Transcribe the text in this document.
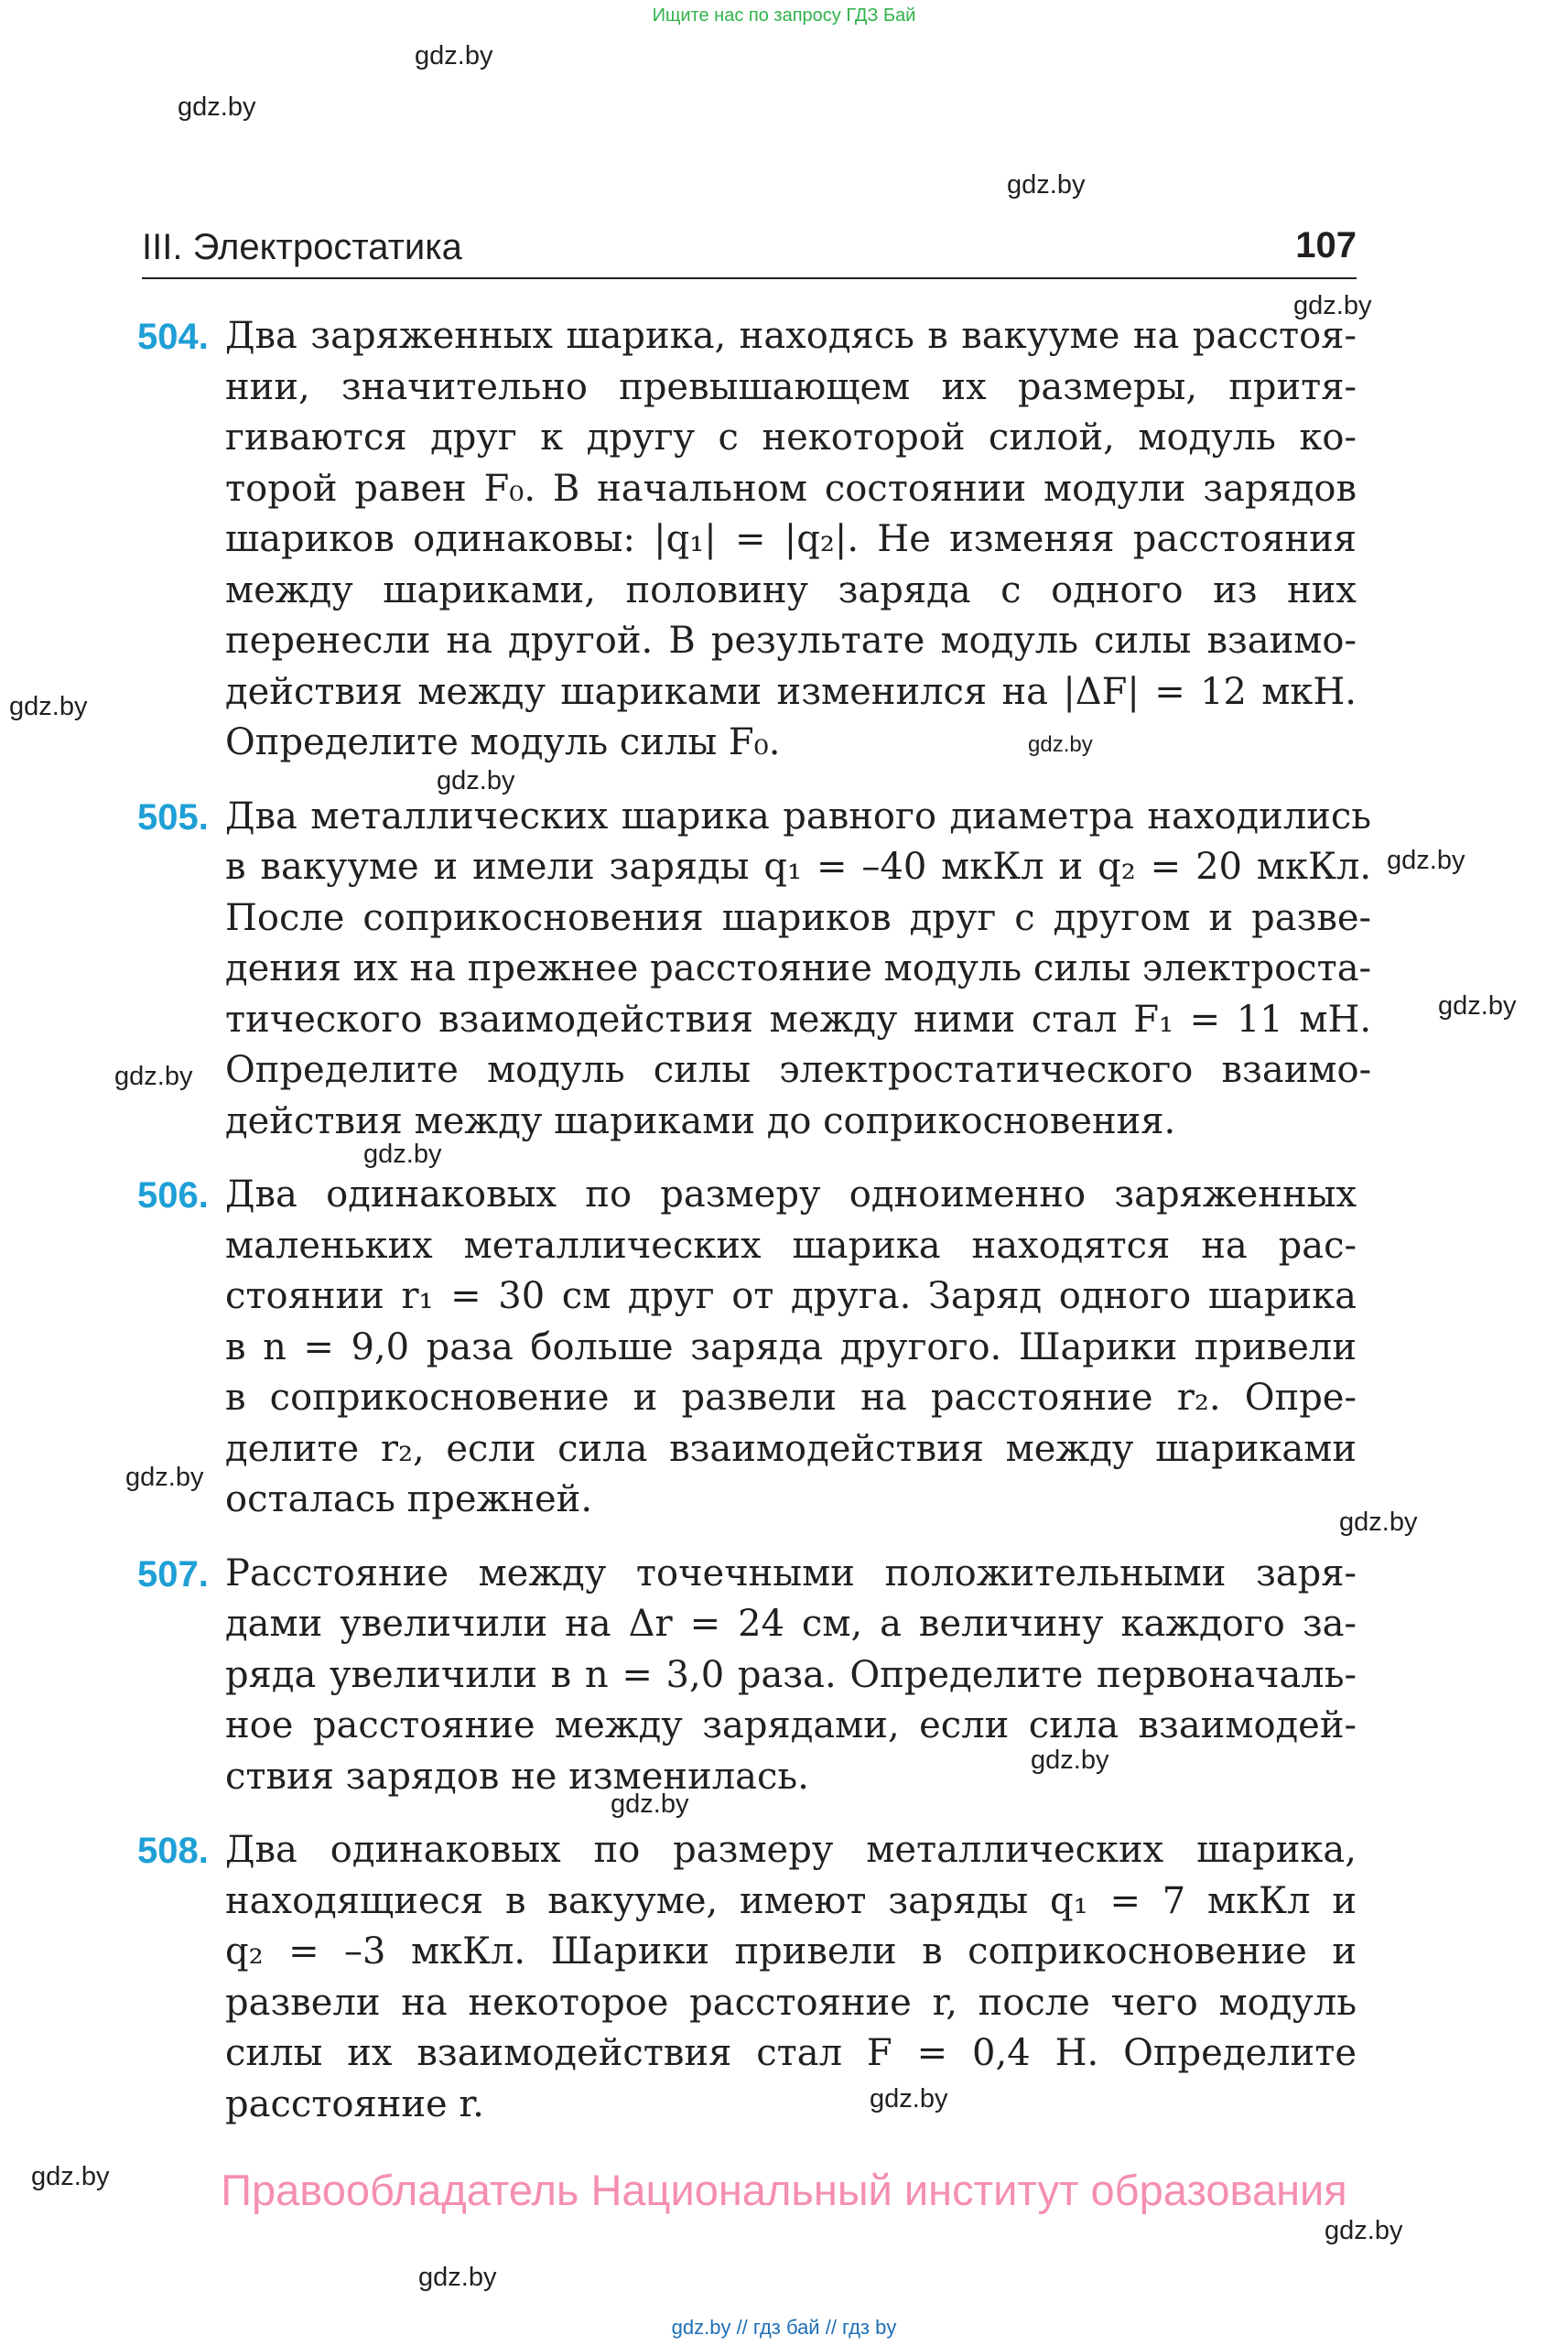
Ищите нас по запросу ГДЗ Бай
gdz.by
gdz.by
gdz.by
gdz.by
gdz.by
gdz.by
gdz.by
gdz.by
gdz.by
gdz.by
gdz.by
gdz.by
gdz.by
gdz.by
gdz.by
gdz.by
gdz.by
gdz.by
gdz.by
III. Электростатика	107
504. Два заряженных шарика, находясь в вакууме на расстоя-
нии, значительно превышающем их размеры, притя-
гиваются друг к другу с некоторой силой, модуль ко-
торой равен F₀. В начальном состоянии модули зарядов
шариков одинаковы: |q₁| = |q₂|. Не изменяя расстояния
между шариками, половину заряда с одного из них
перенесли на другой. В результате модуль силы взаимо-
действия между шариками изменился на |ΔF| = 12 мкН.
Определите модуль силы F₀.
505. Два металлических шарика равного диаметра находились
в вакууме и имели заряды q₁ = –40 мкКл и q₂ = 20 мкКл.
После соприкосновения шариков друг с другом и разве-
дения их на прежнее расстояние модуль силы электроста-
тического взаимодействия между ними стал F₁ = 11 мН.
Определите модуль силы электростатического взаимо-
действия между шариками до соприкосновения.
506. Два одинаковых по размеру одноименно заряженных
маленьких металлических шарика находятся на рас-
стоянии r₁ = 30 см друг от друга. Заряд одного шарика
в n = 9,0 раза больше заряда другого. Шарики привели
в соприкосновение и развели на расстояние r₂. Опре-
делите r₂, если сила взаимодействия между шариками
осталась прежней.
507. Расстояние между точечными положительными заря-
дами увеличили на Δr = 24 см, а величину каждого за-
ряда увеличили в n = 3,0 раза. Определите первоначаль-
ное расстояние между зарядами, если сила взаимодей-
ствия зарядов не изменилась.
508. Два одинаковых по размеру металлических шарика,
находящиеся в вакууме, имеют заряды q₁ = 7 мкКл и
q₂ = –3 мкКл. Шарики привели в соприкосновение и
развели на некоторое расстояние r, после чего модуль
силы их взаимодействия стал F = 0,4 Н. Определите
расстояние r.
Правообладатель Национальный институт образования
gdz.by // гдз бай // гдз by
